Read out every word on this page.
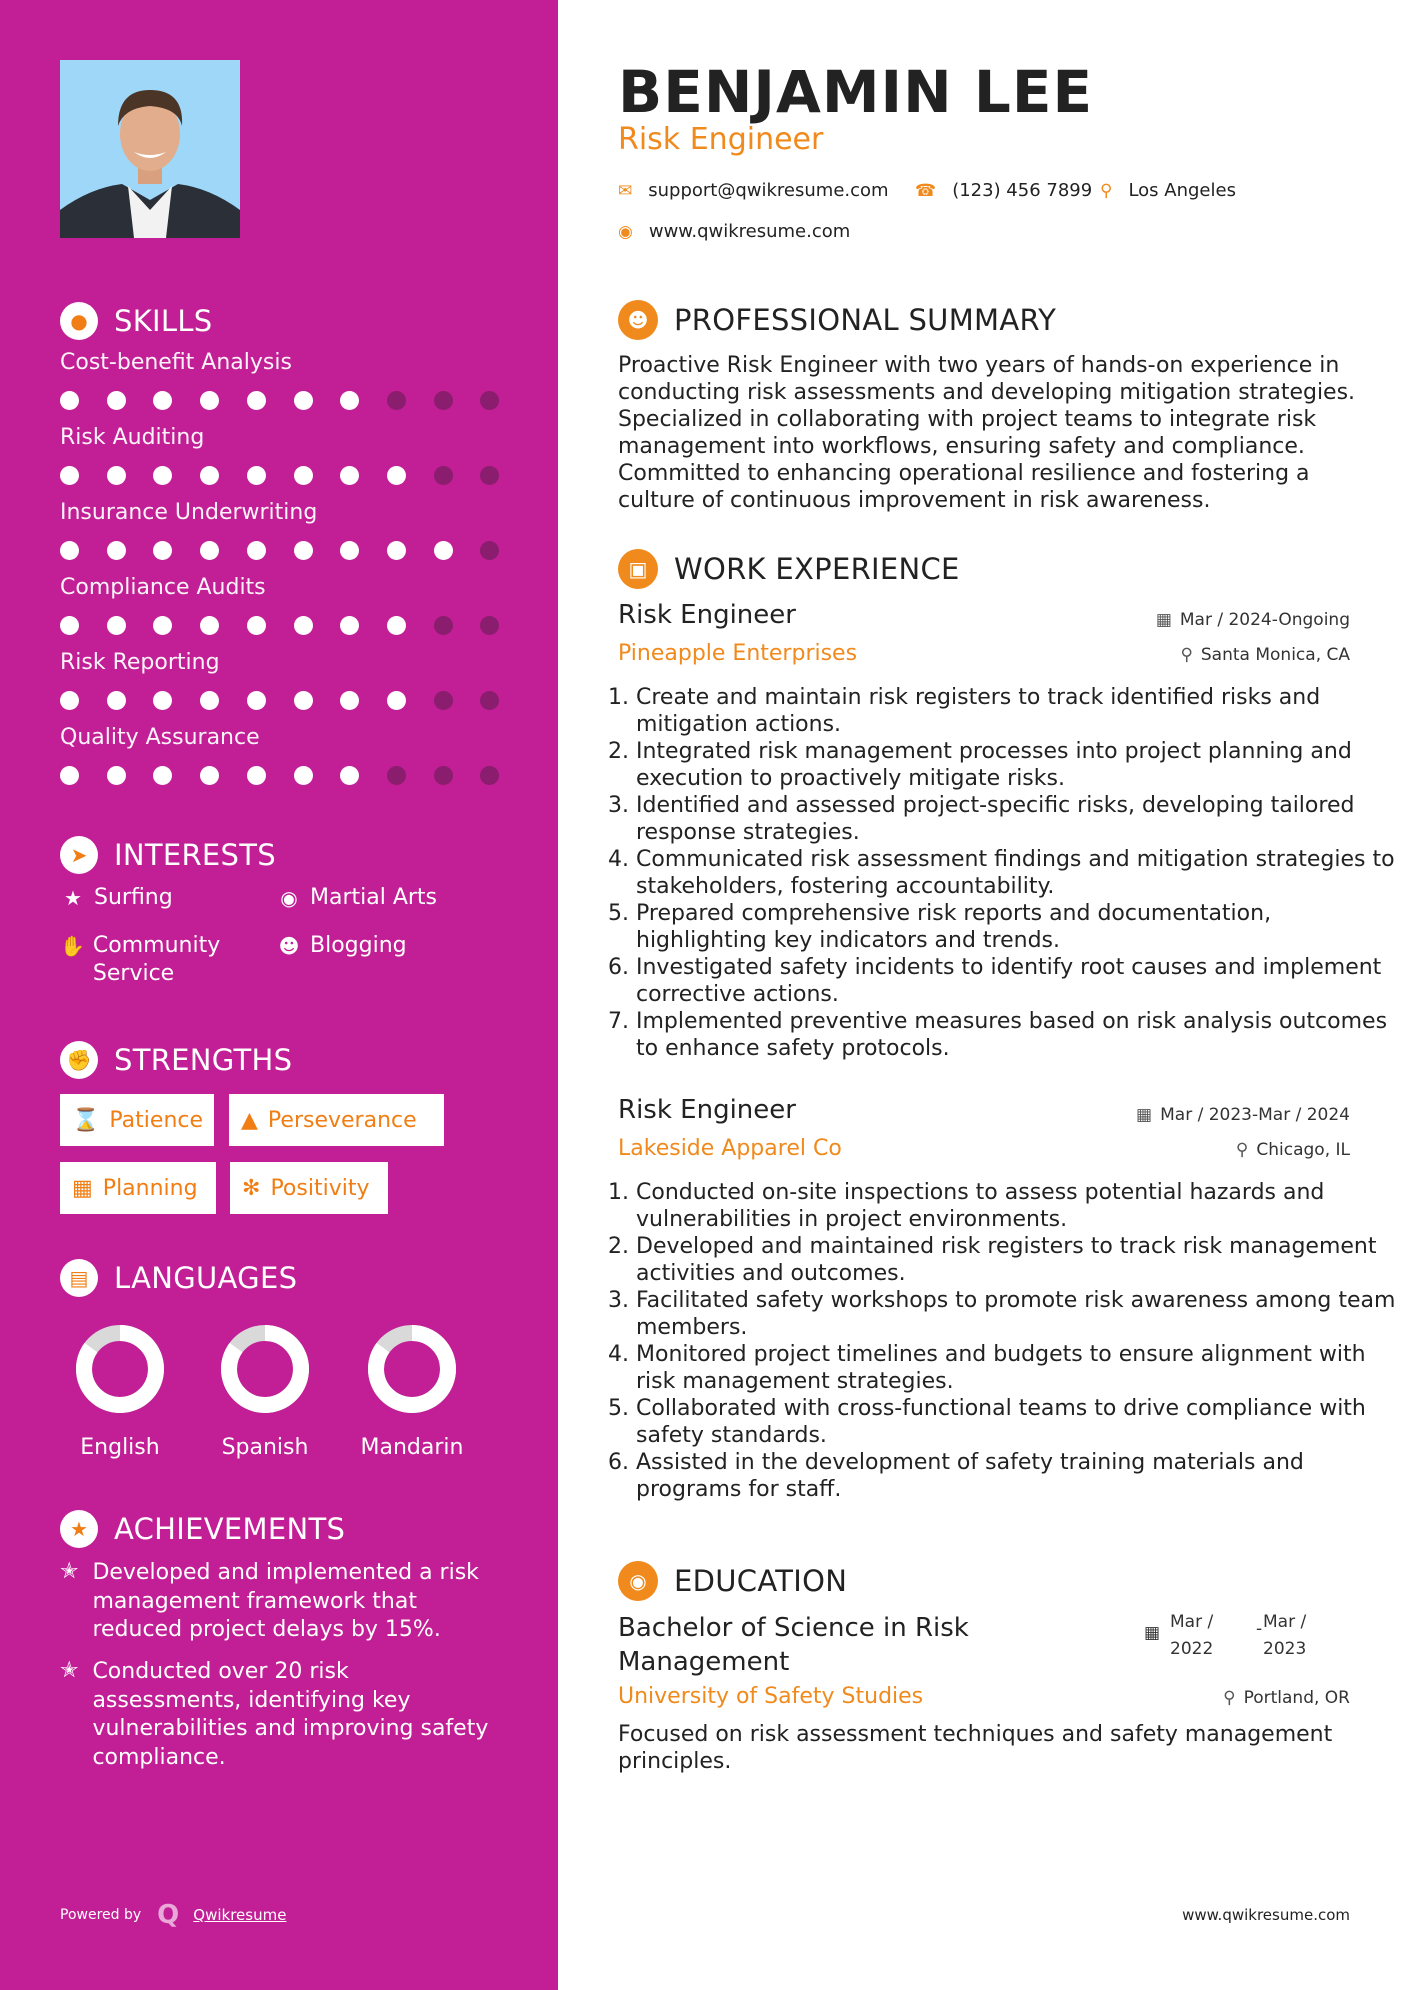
● SKILLS
Cost-benefit Analysis
Risk Auditing
Insurance Underwriting
Compliance Audits
Risk Reporting
Quality Assurance
➤ INTERESTS
★ Surfing	◉ Martial Arts
✋ Community Service
☻ Blogging
✊ STRENGTHS
⌛ Patience ▲ Perseverance
▦ Planning ✻ Positivity
▤ LANGUAGES
English	Spanish	Mandarin
★ ACHIEVEMENTS
✭ Developed and implemented a risk management framework that reduced project delays by 15%.
✭ Conducted over 20 risk assessments, identifying key vulnerabilities and improving safety compliance.
Powered by Q Qwikresume
BENJAMIN LEE
Risk Engineer
✉ support@qwikresume.com ☎ (123) 456 7899 ⚲ Los Angeles
◉ www.qwikresume.com
☻ PROFESSIONAL SUMMARY
Proactive Risk Engineer with two years of hands-on experience in conducting risk assessments and developing mitigation strategies. Specialized in collaborating with project teams to integrate risk management into workflows, ensuring safety and compliance. Committed to enhancing operational resilience and fostering a culture of continuous improvement in risk awareness.
▣ WORK EXPERIENCE
Risk Engineer	▦ Mar / 2024-Ongoing
Pineapple Enterprises	⚲ Santa Monica, CA
1. Create and maintain risk registers to track identified risks and mitigation actions.
2. Integrated risk management processes into project planning and execution to proactively mitigate risks.
3. Identified and assessed project-specific risks, developing tailored response strategies.
4. Communicated risk assessment findings and mitigation strategies to stakeholders, fostering accountability.
5. Prepared comprehensive risk reports and documentation, highlighting key indicators and trends.
6. Investigated safety incidents to identify root causes and implement corrective actions.
7. Implemented preventive measures based on risk analysis outcomes to enhance safety protocols.
Risk Engineer	▦ Mar / 2023-Mar / 2024
Lakeside Apparel Co	⚲ Chicago, IL
1. Conducted on-site inspections to assess potential hazards and vulnerabilities in project environments.
2. Developed and maintained risk registers to track risk management activities and outcomes.
3. Facilitated safety workshops to promote risk awareness among team members.
4. Monitored project timelines and budgets to ensure alignment with risk management strategies.
5. Collaborated with cross-functional teams to drive compliance with safety standards.
6. Assisted in the development of safety training materials and programs for staff.
◉ EDUCATION
Bachelor of Science in Risk Management
▦
Mar / 2022
- Mar / 2023
University of Safety Studies	⚲ Portland, OR
Focused on risk assessment techniques and safety management principles.
www.qwikresume.com
